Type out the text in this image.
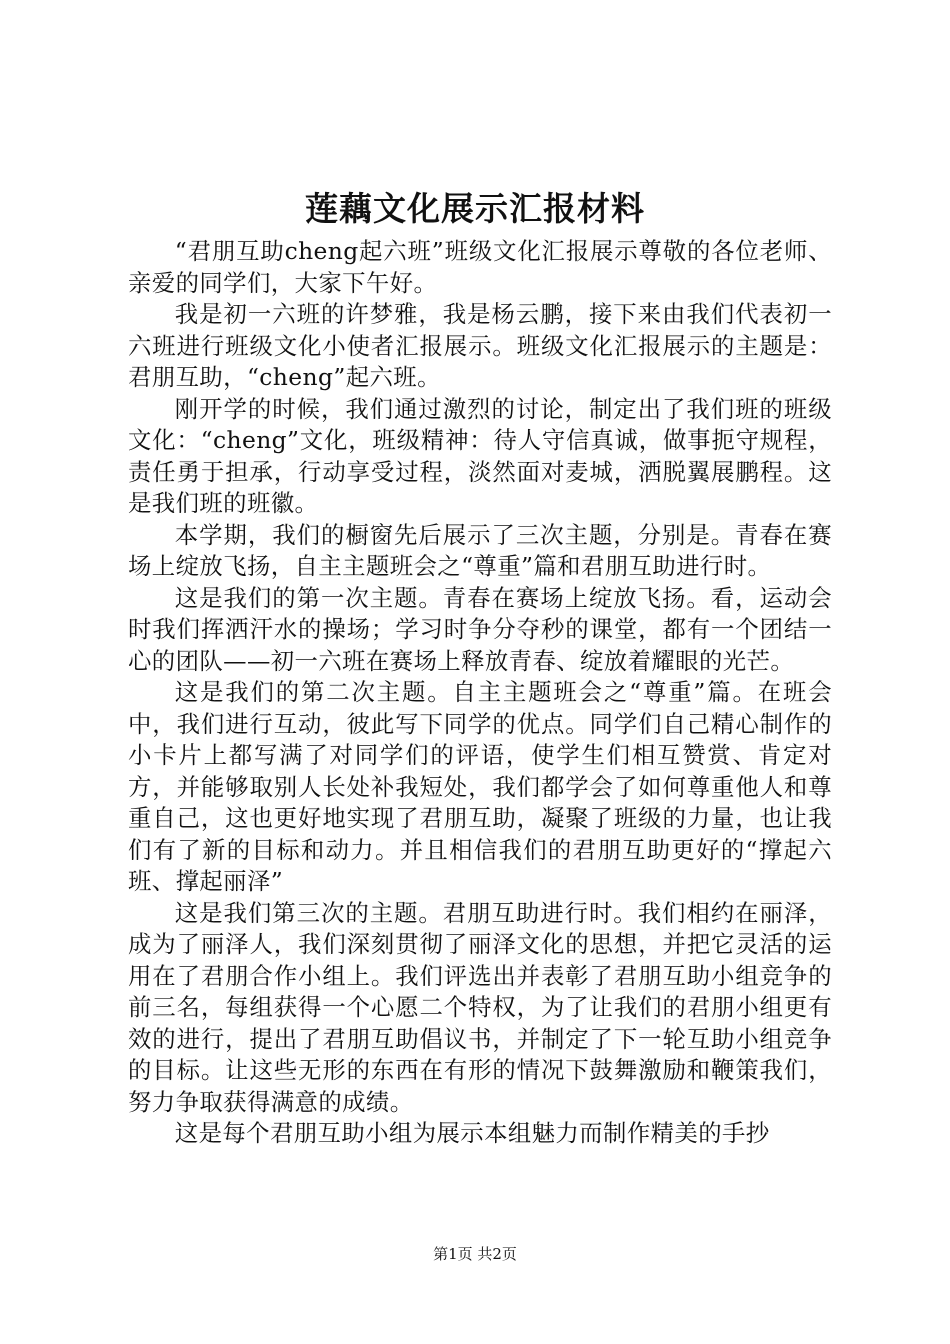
莲藕文化展示汇报材料

“君朋互助cheng起六班”班级文化汇报展示尊敬的各位老师、亲爱的同学们，大家下午好。

我是初一六班的许梦雅，我是杨云鹏，接下来由我们代表初一六班进行班级文化小使者汇报展示。班级文化汇报展示的主题是：君朋互助，“cheng”起六班。

刚开学的时候，我们通过激烈的讨论，制定出了我们班的班级文化：“cheng”文化，班级精神：待人守信真诚，做事扼守规程，责任勇于担承，行动享受过程，淡然面对麦城，洒脱翼展鹏程。这是我们班的班徽。

本学期，我们的橱窗先后展示了三次主题，分别是。青春在赛场上绽放飞扬，自主主题班会之“尊重”篇和君朋互助进行时。

这是我们的第一次主题。青春在赛场上绽放飞扬。看，运动会时我们挥洒汗水的操场；学习时争分夺秒的课堂，都有一个团结一心的团队——初一六班在赛场上释放青春、绽放着耀眼的光芒。

这是我们的第二次主题。自主主题班会之“尊重”篇。在班会中，我们进行互动，彼此写下同学的优点。同学们自己精心制作的小卡片上都写满了对同学们的评语，使学生们相互赞赏、肯定对方，并能够取别人长处补我短处，我们都学会了如何尊重他人和尊重自己，这也更好地实现了君朋互助，凝聚了班级的力量，也让我们有了新的目标和动力。并且相信我们的君朋互助更好的“撑起六班、撑起丽泽”

这是我们第三次的主题。君朋互助进行时。我们相约在丽泽，成为了丽泽人，我们深刻贯彻了丽泽文化的思想，并把它灵活的运用在了君朋合作小组上。我们评选出并表彰了君朋互助小组竞争的前三名，每组获得一个心愿二个特权，为了让我们的君朋小组更有效的进行，提出了君朋互助倡议书，并制定了下一轮互助小组竞争的目标。让这些无形的东西在有形的情况下鼓舞激励和鞭策我们，努力争取获得满意的成绩。

这是每个君朋互助小组为展示本组魅力而制作精美的手抄

第1页 共2页
